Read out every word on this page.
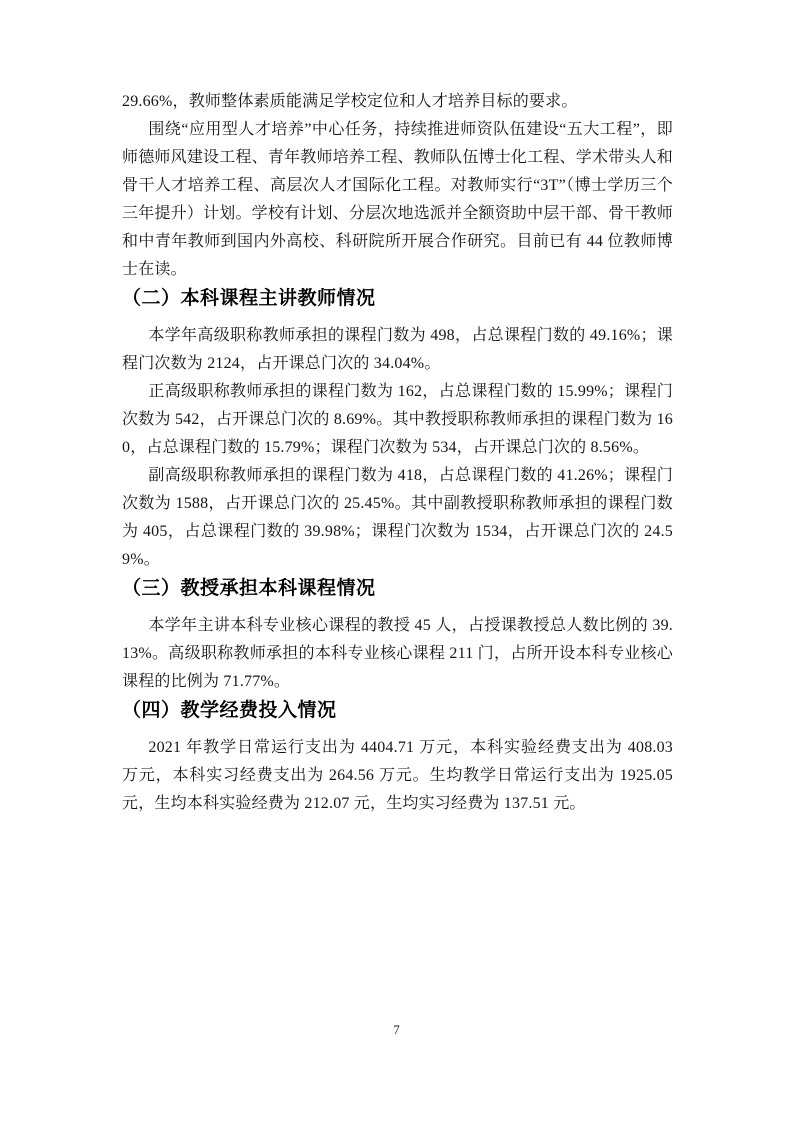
29.66%，教师整体素质能满足学校定位和人才培养目标的要求。

围绕“应用型人才培养”中心任务，持续推进师资队伍建设“五大工程”，即师德师风建设工程、青年教师培养工程、教师队伍博士化工程、学术带头人和骨干人才培养工程、高层次人才国际化工程。对教师实行“3T”（博士学历三个三年提升）计划。学校有计划、分层次地选派并全额资助中层干部、骨干教师和中青年教师到国内外高校、科研院所开展合作研究。目前已有 44 位教师博士在读。

（二）本科课程主讲教师情况

本学年高级职称教师承担的课程门数为 498，占总课程门数的 49.16%；课程门次数为 2124，占开课总门次的 34.04%。

正高级职称教师承担的课程门数为 162，占总课程门数的 15.99%；课程门次数为 542，占开课总门次的 8.69%。其中教授职称教师承担的课程门数为 160，占总课程门数的 15.79%；课程门次数为 534，占开课总门次的 8.56%。

副高级职称教师承担的课程门数为 418，占总课程门数的 41.26%；课程门次数为 1588，占开课总门次的 25.45%。其中副教授职称教师承担的课程门数为 405，占总课程门数的 39.98%；课程门次数为 1534，占开课总门次的 24.59%。

（三）教授承担本科课程情况

本学年主讲本科专业核心课程的教授 45 人，占授课教授总人数比例的 39.13%。高级职称教师承担的本科专业核心课程 211 门，占所开设本科专业核心课程的比例为 71.77%。

（四）教学经费投入情况

2021 年教学日常运行支出为 4404.71 万元，本科实验经费支出为 408.03 万元，本科实习经费支出为 264.56 万元。生均教学日常运行支出为 1925.05 元，生均本科实验经费为 212.07 元，生均实习经费为 137.51 元。

7
